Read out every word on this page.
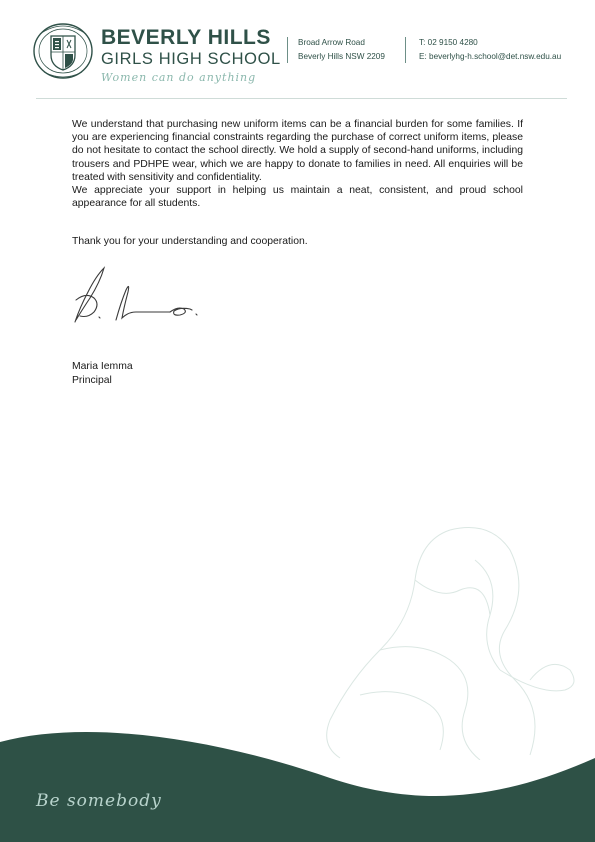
BEVERLY HILLS
GIRLS HIGH SCHOOL
Women can do anything
Broad Arrow Road
Beverly Hills NSW 2209
T: 02 9150 4280
E: beverlyhg-h.school@det.nsw.edu.au

We understand that purchasing new uniform items can be a financial burden for some families. If you are experiencing financial constraints regarding the purchase of correct uniform items, please do not hesitate to contact the school directly. We hold a supply of second-hand uniforms, including trousers and PDHPE wear, which we are happy to donate to families in need. All enquiries will be treated with sensitivity and confidentiality.

We appreciate your support in helping us maintain a neat, consistent, and proud school appearance for all students.

Thank you for your understanding and cooperation.
Maria Iemma
Principal
Be somebody
